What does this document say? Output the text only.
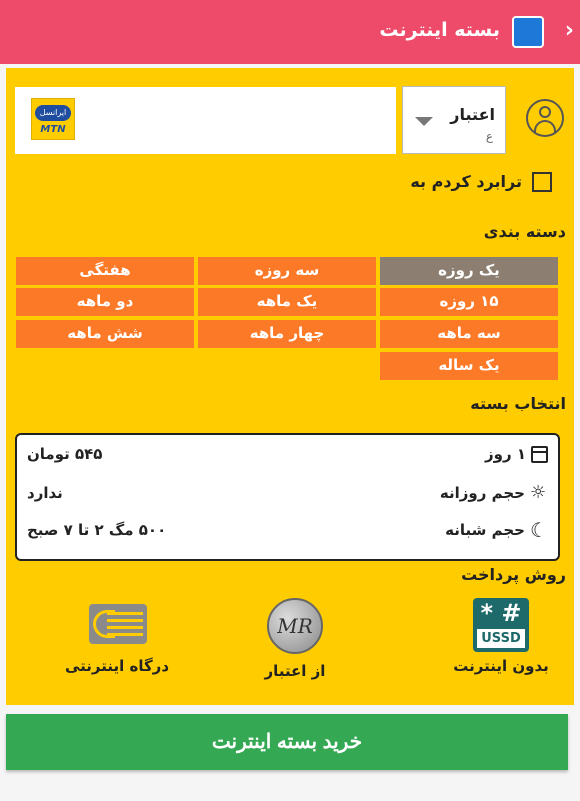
‹
بسته اینترنت
اعتبار
ع
ایرانسل
MTN
ترابرد کردم به
دسته بندی
یک روزه
سه روزه
هفتگی
۱۵ روزه
یک ماهه
دو ماهه
سه ماهه
چهار ماهه
شش ماهه
یک ساله
انتخاب بسته
۱ روز
۵۴۵ تومان
☼
حجم روزانه
ندارد
☾
حجم شبانه
۵۰۰ مگ ۲ تا ۷ صبح
روش پرداخت
* #
USSD
بدون اینترنت
MR
از اعتبار
درگاه اینترنتی
خرید بسته اینترنت
